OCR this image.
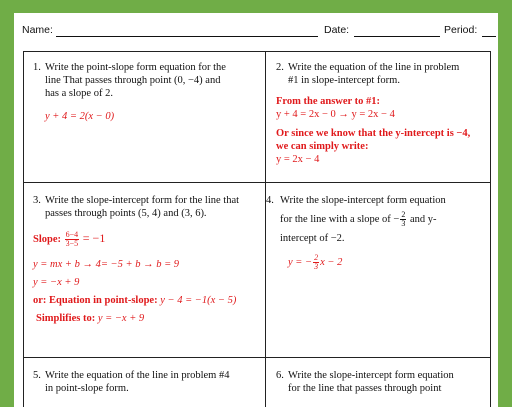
Name:	Date:	Period:
1. Write the point-slope form equation for the
line That passes through point (0, −4) and
has a slope of 2.
y + 4 = 2(x − 0)
2. Write the equation of the line in problem
#1 in slope-intercept form.
From the answer to #1:
y + 4 = 2x − 0 → y = 2x − 4
Or since we know that the y-intercept is −4,
we can simply write:
y = 2x − 4
3. Write the slope-intercept form for the line that
passes through points (5, 4) and (3, 6).
Slope: $\frac{6-4}{3-5} = -1$
y = mx + b → 4= −5 + b → b = 9
y = −x + 9
or: Equation in point-slope: y − 4 = −1(x − 5)
Simplifies to: y = −x + 9
4. Write the slope-intercept form equation
for the line with a slope of − $\frac{2}{3}$ and y-
intercept of −2.
y = − $\frac{2}{3}$ x − 2
5. Write the equation of the line in problem #4
in point-slope form.
6. Write the slope-intercept form equation
for the line that passes through point
